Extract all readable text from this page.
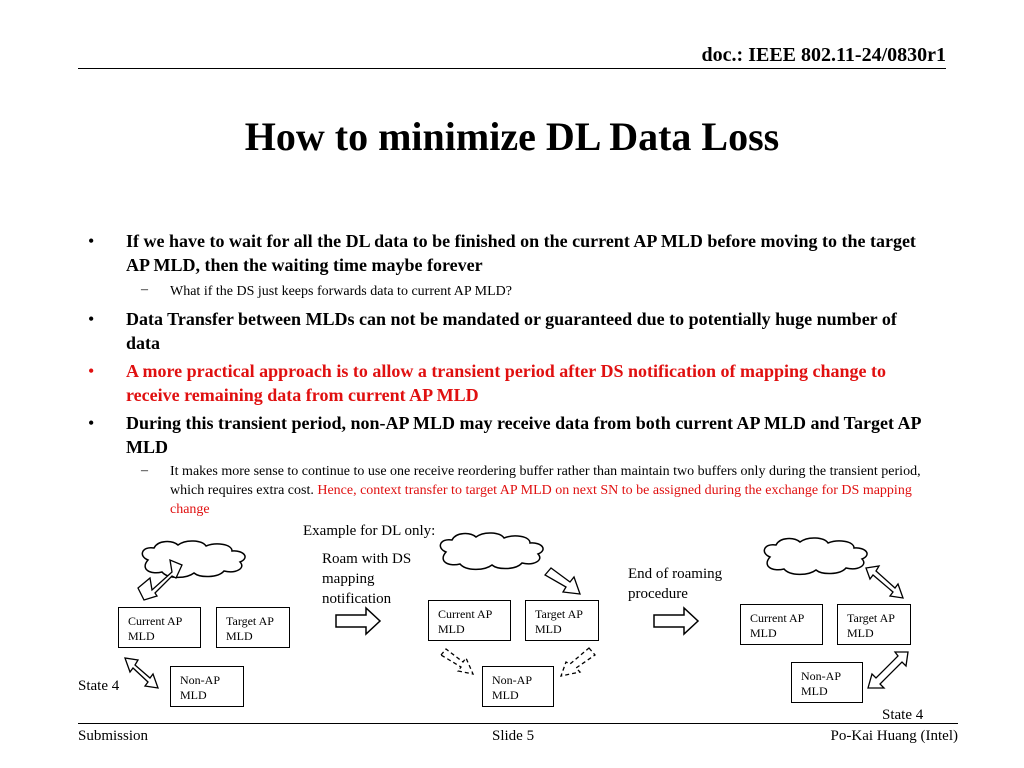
doc.: IEEE 802.11-24/0830r1
How to minimize DL Data Loss
• If we have to wait for all the DL data to be finished on the current AP MLD before moving to the target AP MLD, then the waiting time maybe forever
– What if the DS just keeps forwards data to current AP MLD?
• Data Transfer between MLDs can not be mandated or guaranteed due to potentially huge number of data
• A more practical approach is to allow a transient period after DS notification of mapping change to receive remaining data from current AP MLD
• During this transient period, non-AP MLD may receive data from both current AP MLD and Target AP MLD
– It makes more sense to continue to use one receive reordering buffer rather than maintain two buffers only during the transient period, which requires extra cost. Hence, context transfer to target AP MLD on next SN to be assigned during the exchange for DS mapping change
Example for DL only:
Roam with DS mapping notification
End of roaming procedure
State 4
State 4
Current AP MLD
Target AP MLD
Non-AP MLD
Current AP MLD
Target AP MLD
Non-AP MLD
Current AP MLD
Target AP MLD
Non-AP MLD
Submission	Slide 5	Po-Kai Huang (Intel)
